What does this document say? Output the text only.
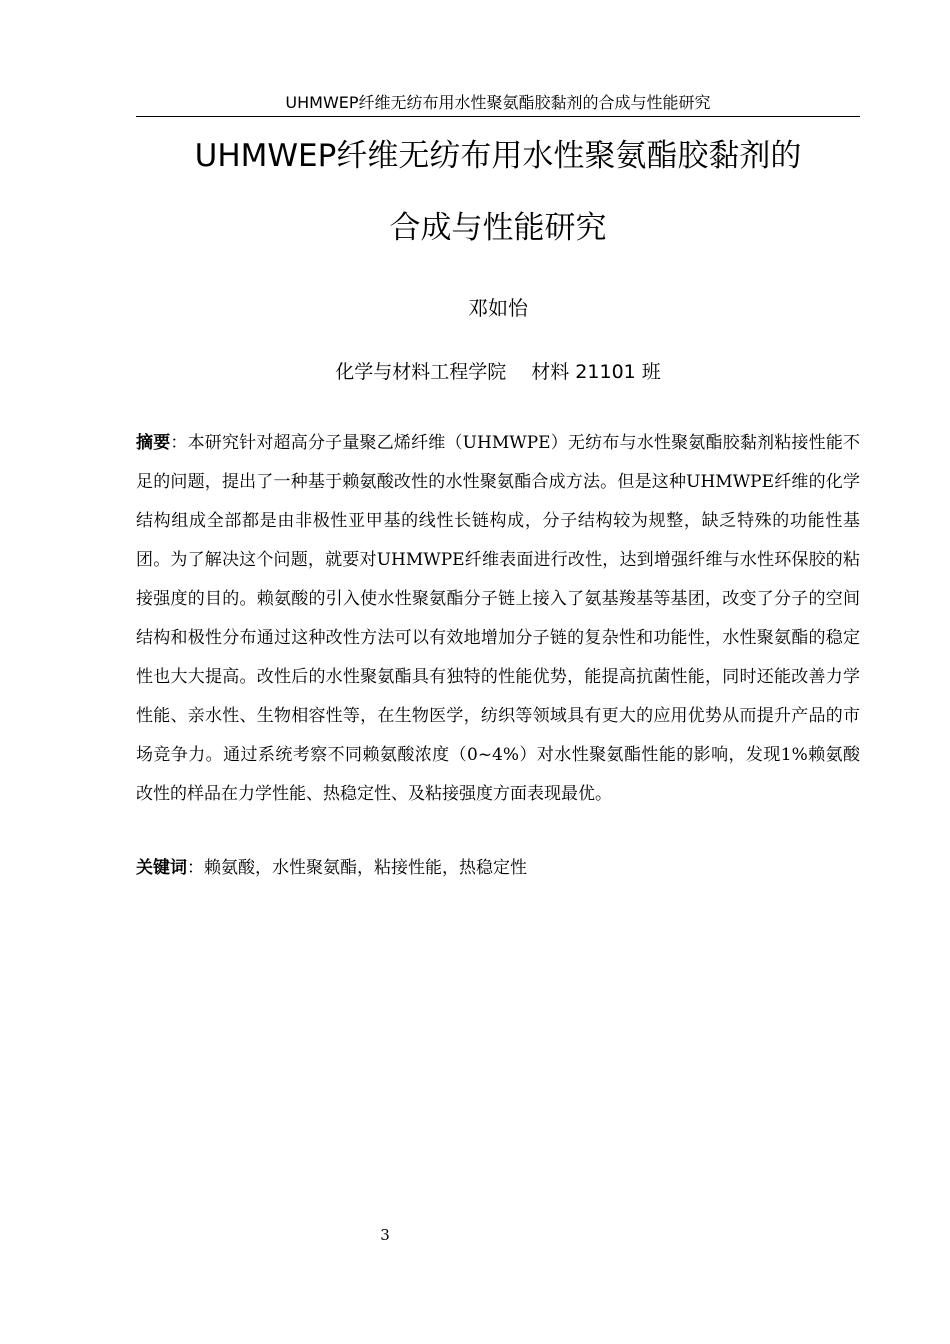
UHMWEP纤维无纺布用水性聚氨酯胶黏剂的合成与性能研究
UHMWEP纤维无纺布用水性聚氨酯胶黏剂的
合成与性能研究
邓如怡
化学与材料工程学院　 材料 21101 班

摘要：本研究针对超高分子量聚乙烯纤维（UHMWPE）无纺布与水性聚氨酯胶黏剂粘接性能不足的问题，提出了一种基于赖氨酸改性的水性聚氨酯合成方法。但是这种UHMWPE纤维的化学结构组成全部都是由非极性亚甲基的线性长链构成，分子结构较为规整，缺乏特殊的功能性基团。为了解决这个问题，就要对UHMWPE纤维表面进行改性，达到增强纤维与水性环保胶的粘接强度的目的。赖氨酸的引入使水性聚氨酯分子链上接入了氨基羧基等基团，改变了分子的空间结构和极性分布通过这种改性方法可以有效地增加分子链的复杂性和功能性，水性聚氨酯的稳定性也大大提高。改性后的水性聚氨酯具有独特的性能优势，能提高抗菌性能，同时还能改善力学性能、亲水性、生物相容性等，在生物医学，纺织等领域具有更大的应用优势从而提升产品的市场竞争力。通过系统考察不同赖氨酸浓度（0~4%）对水性聚氨酯性能的影响，发现1%赖氨酸改性的样品在力学性能、热稳定性、及粘接强度方面表现最优。

关键词：赖氨酸，水性聚氨酯，粘接性能，热稳定性

3
